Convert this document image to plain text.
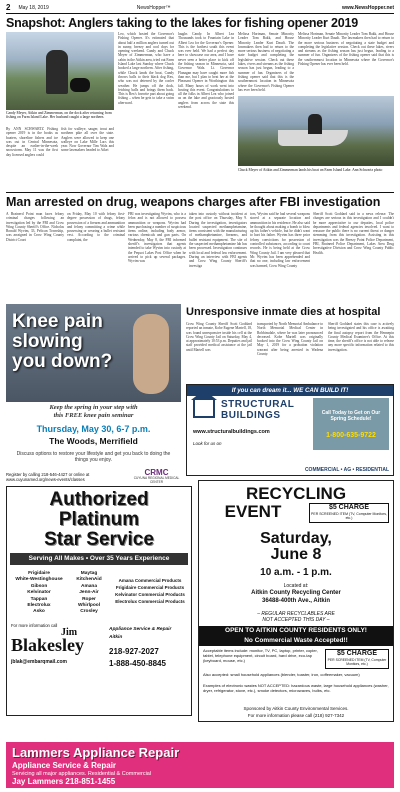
2 May 18, 2019	NewsHopper™	www.NewsHopper.net
Snapshot: Anglers taking to the lakes for fishing opener 2019
Candy Meyer, Aitkin and Zimmerman, on the dock after returning from fishing on Farm Island Lake. Her husband caught a large northern.
By ANN SCHWARTZ Fishing opener 2019 is in the books as boaters, shoreline fishers and ice was out in Central Minnesota, despite an earlier-in-the-week snowstorm. May 11 was the first day licensed anglers could
fish for walleye, sauger, trout and northern pike all over the state. Anglers were allowed to keep one walleye on Lake Mille Lacs this year. Now Governor Tim Walz and some lawmakers headed to Aikei
Leo, which hosted the Governor's Fishing Opener. It's estimated that about half a million anglers turned out in sunny, breezy and cool days for opening weekend. Candy and Chuck Meyer of Zimmerman, who have a cabin in the Aitkin area, tried out Farm Island Lake last Sunday where Chuck hooked a large northern. After fishing, while Chuck lands the boat, Candy throws balls to their black dog Rex, who was not deterred by the cooler weather. He jumps off the dock, fetching balls and brings them back. This is Rex's favorite part about going fishing – when he gets to take a swim afterward.
laughs Candy. In Albert Lea Thousands took to Fountain Lake in Albert Lea for the Governor's Opener. This is the furthest south this event was ever held. We had a perfect day here to showcase our area, and I have never seen a better place to kick off the fishing season in Minnesota, said Governor Walz. Lt. Governor Flanagan may have caught more fish than me, but I plan to beat her at the Pheasant Opener in Worthington this fall. Many hours of work went into hosting this event. Congratulations to all the folks in Albert Lea who joined us on the lake and graciously hosted anglers from across the state this weekend.
Melissa Hortman, Senate Minority Leader Tom Bakk, and House Minority Leader Kurt Daudt. The lawmakers then had to return to the more serious business of negotiating a state budget and completing the legislative session. Check out these lakes, rivers and streams as the fishing season has just begun, leading to a summer of fun. Organizers of the fishing opener said that this is the southernmost location in Minnesota where the Governor's Fishing Opener has ever been held.
Melissa Hortman, Senate Minority Leader Tom Bakk, and House Minority Leader Kurt Daudt. The lawmakers then had to return to the more serious business of negotiating a state budget and completing the legislative session. Check out these lakes, rivers and streams as the fishing season has just begun, leading to a summer of fun. Organizers of the fishing opener said that this is the southernmost location in Minnesota where the Governor's Fishing Opener has ever been held.
Chuck Meyer of Aitkin and Zimmerman lands his boat on Farm Island Lake. Ann Schwartz photo
Man arrested on drug, weapons charges after FBI investigation
A Brainerd Point man faces felony criminal charges following an investigation led by the FBI and Crow Wing County Sheriff's Office. Nicholas Ronald Wyvim, 33, Pelican Township, was arraigned in Crow Wing County District Court
on Friday, May 10 with felony first-degree possession of drugs, felony possession of a firearm and ammunition and felony committing a crime while possessing or wearing a bullet resistant vest. According to the criminal complaint, the
FBI was investigating Wyvim, who is a felon and is not allowed to possess ammunition or weapons. Wyvim had been purchasing a number of suspicious items online, including body armor, various chemicals and gun parts. On Wednesday, May 8, the FBI informed sheriff's investigators that agents intended to take Wyvim into custody at the Pequot Lakes Post Office when he arrived to pick up several packages. Wyvim was
taken into custody without incident at the post office on Thursday, May 9. During the investigation, investigators located suspected methamphetamine, items consistent with the manufacturing of methamphetamine, firearms, and bullet resistant equipment. The site of the suspected methamphetamine lab has been processed. Investigation continues with local and federal law enforcement. During an interview with FBI agents and Crow Wing County Sheriff's investiga
tors, Wyvim said he had several weapons stored at a separate location and ammunition in his residence. He also said he thought about making a bomb to blow up his father's vehicle, but he didn't want to hurt his father. Wyvim has three prior felony convictions for possession of controlled substances, according to court records. He is being held at the Crow Wing County Jail. I am very pleased that Mr. Wyvim has been apprehended and that no one, including law enforcement was harmed, Crow Wing County
Sheriff Scott Goddard said in a news release. The charges are serious in this investigation and I couldn't be more appreciative to our deputies, local police departments and federal agencies involved. I want to reassure the public there is no current threat or danger stemming from this investigation. Assisting in this investigation was the Breezy Point Police Department, FBI, Brainerd Police Department, Lakes Area Drug Investigative Division and Crow Wing County Public Health.
Knee pain
slowing
you down?
Keep the spring in your step with
this FREE knee pain seminar
Thursday, May 30, 6-7 p.m.
The Woods, Merrifield
Discuss options to restore your lifestyle and get you back to doing the things you enjoy.
Register by calling 218-546-4427 or online at www.cuyunamed.org/news-events/classes
CRMC
CUYUNA REGIONAL MEDICAL CENTER
Unresponsive inmate dies at hospital
Crow Wing County Sheriff Scott Goddard reported an inmate, Kobe Eugene Martell, 18, was found unresponsive inside his cell at the Crow Wing County Jail on Saturday, May 4, at approximately 10:53 p.m. Deputies and jail staff provided medical assistance at the jail until Martell was
transported by North Memorial Ambulance to North Memorial Medical Center in Robbinsdale, where he was later pronounced deceased. Kobe Martell was originally booked into the Crow Wing County Jail on May 1, 2019 for a probation violation warrant after being arrested in Wadena County.
Sheriff Goddard states this case is actively being investigated and his office is awaiting the final autopsy report from the Hennepin County Medical Examiner's Office. At this time, the sheriff's office is not able to release any more specific information related to this investigation.
If you can dream it... WE CAN BUILD IT!
STRUCTURAL
BUILDINGS
www.structuralbuildings.com
Look for us on
Call Today to Get on Our Spring Schedule!
1-800-635-9722
COMMERCIAL • AG • RESIDENTIAL
Authorized
Platinum
Star Service
Serving All Makes • Over 35 Years Experience
Frigidaire
White-Westinghouse
Gibson
Kelvinator
Tappan
Electrolux
Asko
Maytag
KitchenAid
Amana
Jenn-Air
Roper
Whirlpool
Crosley
Amana Commercial Products
Frigidaire Commercial Products
Kelvinator Commercial Products
Electrolux Commercial Products
For more information call
Jim
Blakesley
Appliance Service & Repair
Aitkin
218-927-2027
1-888-450-8845
jblak@embarqmail.com
RECYCLING
EVENT	$5 CHARGE
PER SCREENED ITEM (TV, Computer Monitors, etc.)
Saturday,
June 8
10 a.m. - 1 p.m.
Located at:
Aitkin County Recycling Center
36488-400th Ave., Aitkin
– REGULAR RECYCLABLES ARE
NOT ACCEPTED THIS DAY –
OPEN TO AITKIN COUNTY RESIDENTS ONLY!
No Commercial Waste Accepted!!
Acceptable items include: monitor, TV, PC, laptop, printer, copier, tablet, telephone equipment, circuit board, hard drive, eco-tap (keyboard, mouse, etc.)
$5 CHARGE
PER SCREENED ITEM (TV, Computer Monitors, etc.)
Also accepted: small household appliances (blender, toaster, iron, coffeemaker, vacuum)
Examples of electronic wastes NOT ACCEPTED: hazardous waste, large household appliances (washer, dryer, refrigerator, stove, etc.), smoke detectors, microwaves, bulbs, etc.
Sponsored by Aitkin County Environmental Services.
For more information please call (218) 927-7342
Lammers Appliance Repair
Appliance Service & Repair
Servicing all major appliances. Residential & Commercial
Jay Lammers 218-851-1455
